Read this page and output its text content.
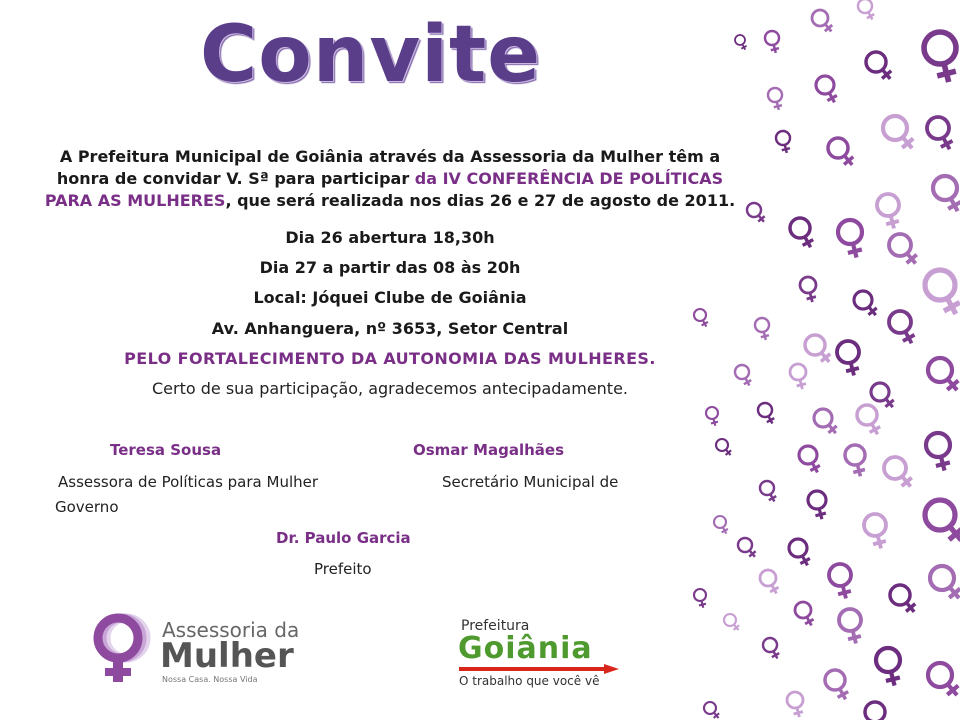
Convite

A Prefeitura Municipal de Goiânia através da Assessoria da Mulher têm a honra de convidar V. Sª para participar da IV CONFERÊNCIA DE POLÍTICAS PARA AS MULHERES, que será realizada nos dias 26 e 27 de agosto de 2011.

Dia 26 abertura 18,30h
Dia 27 a partir das 08 às 20h
Local: Jóquei Clube de Goiânia
Av. Anhanguera, nº 3653, Setor Central
PELO FORTALECIMENTO DA AUTONOMIA DAS MULHERES.
Certo de sua participação, agradecemos antecipadamente.
Teresa Sousa	Osmar Magalhães
Assessora de Políticas para Mulher	Secretário Municipal de
Governo
Dr. Paulo Garcia
Prefeito
Assessoria da
Mulher
Nossa Casa. Nossa Vida
Prefeitura
Goiânia
O trabalho que você vê
